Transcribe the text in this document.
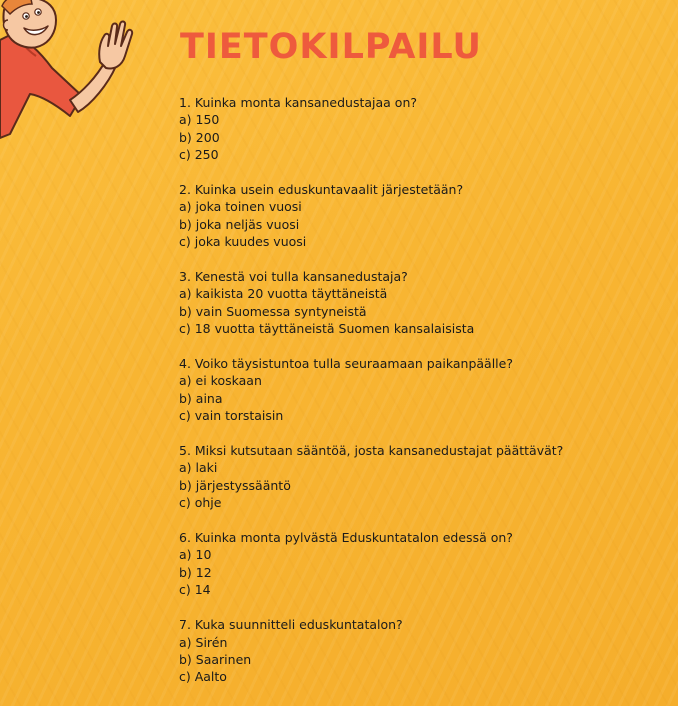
TIETOKILPAILU
1. Kuinka monta kansanedustajaa on?
a) 150
b) 200
c) 250
2. Kuinka usein eduskuntavaalit järjestetään?
a) joka toinen vuosi
b) joka neljäs vuosi
c) joka kuudes vuosi
3. Kenestä voi tulla kansanedustaja?
a) kaikista 20 vuotta täyttäneistä
b) vain Suomessa syntyneistä
c) 18 vuotta täyttäneistä Suomen kansalaisista
4. Voiko täysistuntoa tulla seuraamaan paikanpäälle?
a) ei koskaan
b) aina
c) vain torstaisin
5. Miksi kutsutaan sääntöä, josta kansanedustajat päättävät?
a) laki
b) järjestyssääntö
c) ohje
6. Kuinka monta pylvästä Eduskuntatalon edessä on?
a) 10
b) 12
c) 14
7. Kuka suunnitteli eduskuntatalon?
a) Sirén
b) Saarinen
c) Aalto
